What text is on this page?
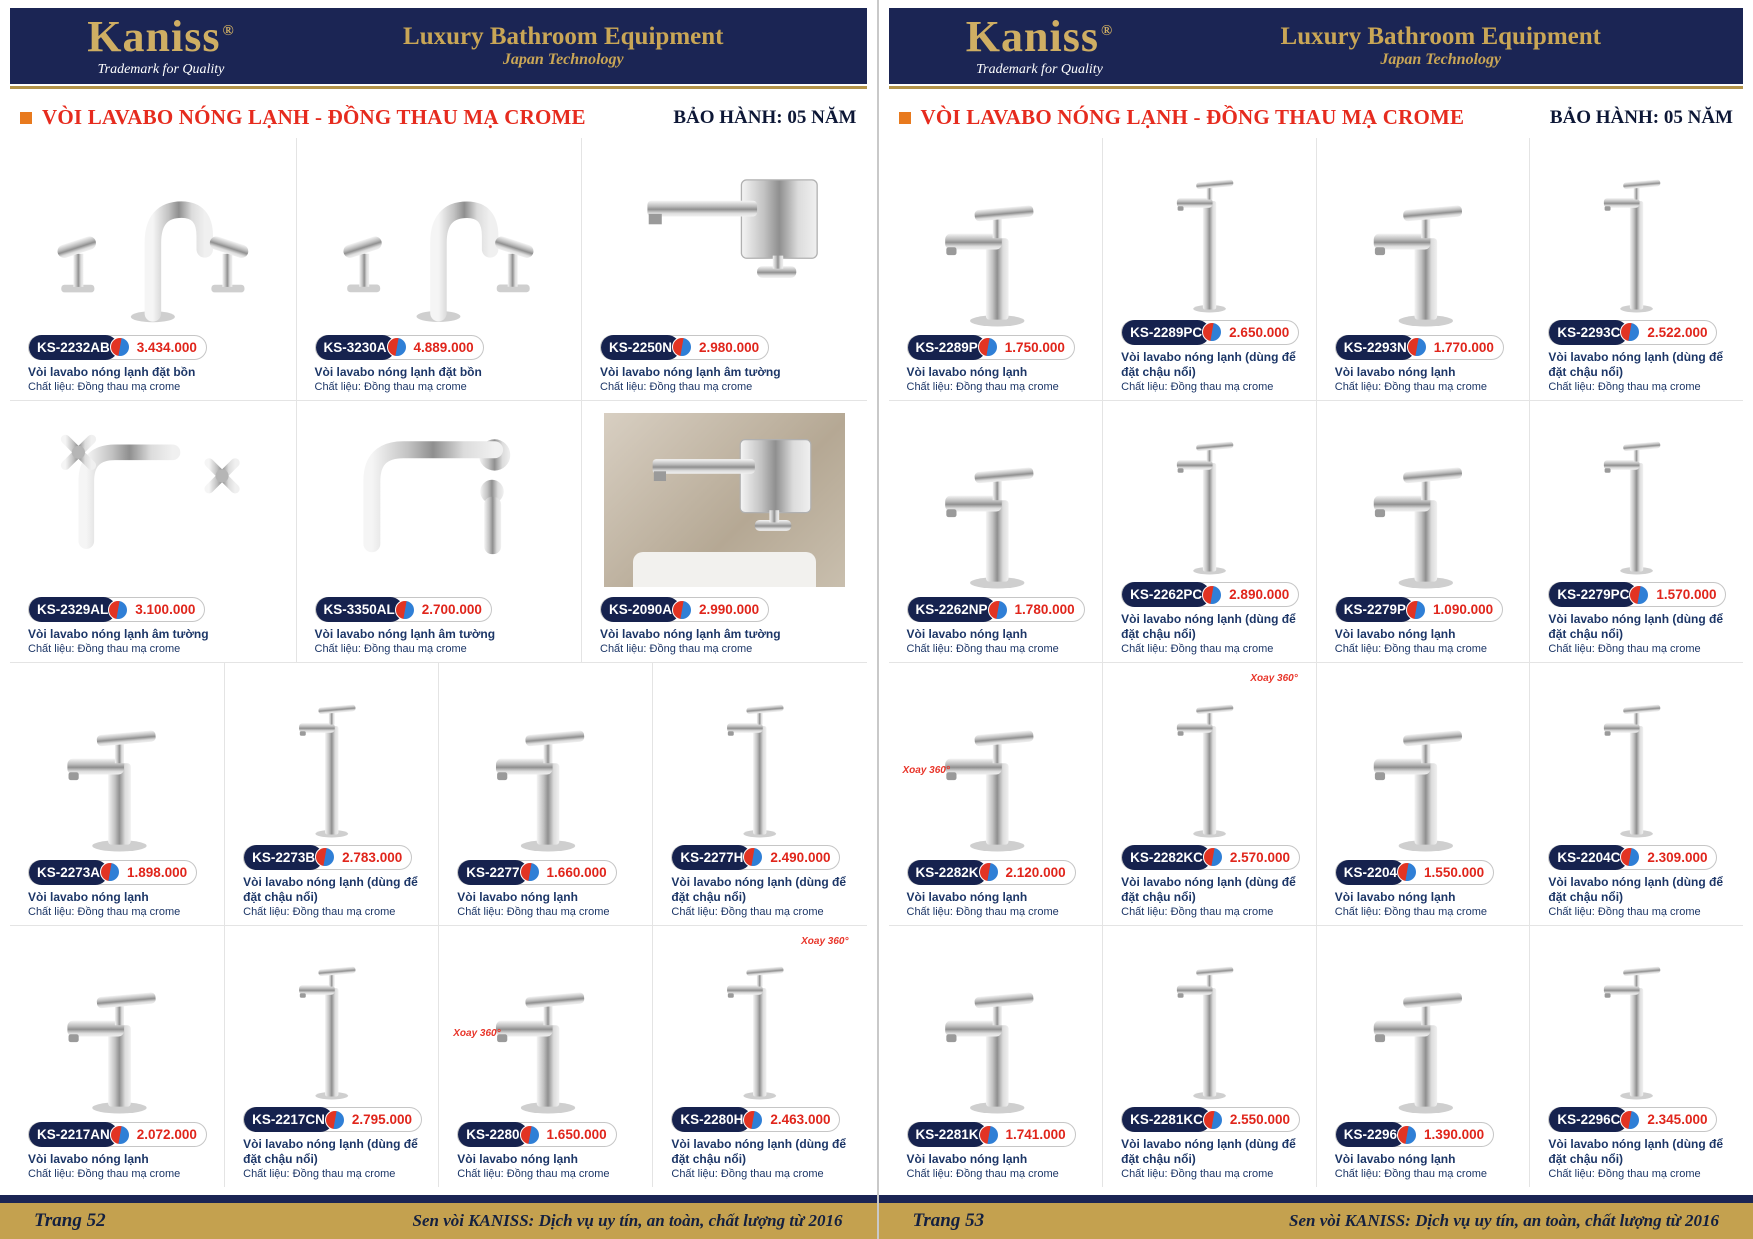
Kaniss ®
Trademark for Quality
Luxury Bathroom Equipment
Japan Technology
VÒI LAVABO NÓNG LẠNH - ĐỒNG THAU MẠ CROME	BẢO HÀNH: 05 NĂM
KS-2232AB	3.434.000
Vòi lavabo nóng lạnh đặt bồn
Chất liệu: Đồng thau mạ crome
KS-3230A	4.889.000
Vòi lavabo nóng lạnh đặt bồn
Chất liệu: Đồng thau mạ crome
KS-2250N	2.980.000
Vòi lavabo nóng lạnh âm tường
Chất liệu: Đồng thau mạ crome
KS-2329AL	3.100.000
Vòi lavabo nóng lạnh âm tường
Chất liệu: Đồng thau mạ crome
KS-3350AL	2.700.000
Vòi lavabo nóng lạnh âm tường
Chất liệu: Đồng thau mạ crome
KS-2090A	2.990.000
Vòi lavabo nóng lạnh âm tường
Chất liệu: Đồng thau mạ crome
KS-2273A	1.898.000
Vòi lavabo nóng lạnh
Chất liệu: Đồng thau mạ crome
KS-2273B	2.783.000
Vòi lavabo nóng lạnh (dùng để đặt chậu nổi)
Chất liệu: Đồng thau mạ crome
KS-2277	1.660.000
Vòi lavabo nóng lạnh
Chất liệu: Đồng thau mạ crome
KS-2277H	2.490.000
Vòi lavabo nóng lạnh (dùng để đặt chậu nổi)
Chất liệu: Đồng thau mạ crome
KS-2217AN	2.072.000
Vòi lavabo nóng lạnh
Chất liệu: Đồng thau mạ crome
KS-2217CN	2.795.000
Vòi lavabo nóng lạnh (dùng để đặt chậu nổi)
Chất liệu: Đồng thau mạ crome
Xoay 360°
KS-2280	1.650.000
Vòi lavabo nóng lạnh
Chất liệu: Đồng thau mạ crome
Xoay 360°
KS-2280H	2.463.000
Vòi lavabo nóng lạnh (dùng để đặt chậu nổi)
Chất liệu: Đồng thau mạ crome
Trang 52	Sen vòi KANISS: Dịch vụ uy tín, an toàn, chất lượng từ 2016
Kaniss ®
Trademark for Quality
Luxury Bathroom Equipment
Japan Technology
VÒI LAVABO NÓNG LẠNH - ĐỒNG THAU MẠ CROME	BẢO HÀNH: 05 NĂM
KS-2289P	1.750.000
Vòi lavabo nóng lạnh
Chất liệu: Đồng thau mạ crome
KS-2289PC	2.650.000
Vòi lavabo nóng lạnh (dùng để đặt chậu nổi)
Chất liệu: Đồng thau mạ crome
KS-2293N	1.770.000
Vòi lavabo nóng lạnh
Chất liệu: Đồng thau mạ crome
KS-2293C	2.522.000
Vòi lavabo nóng lạnh (dùng để đặt chậu nổi)
Chất liệu: Đồng thau mạ crome
KS-2262NP	1.780.000
Vòi lavabo nóng lạnh
Chất liệu: Đồng thau mạ crome
KS-2262PC	2.890.000
Vòi lavabo nóng lạnh (dùng để đặt chậu nổi)
Chất liệu: Đồng thau mạ crome
KS-2279P	1.090.000
Vòi lavabo nóng lạnh
Chất liệu: Đồng thau mạ crome
KS-2279PC	1.570.000
Vòi lavabo nóng lạnh (dùng để đặt chậu nổi)
Chất liệu: Đồng thau mạ crome
Xoay 360°
KS-2282K	2.120.000
Vòi lavabo nóng lạnh
Chất liệu: Đồng thau mạ crome
Xoay 360°
KS-2282KC	2.570.000
Vòi lavabo nóng lạnh (dùng để đặt chậu nổi)
Chất liệu: Đồng thau mạ crome
KS-2204	1.550.000
Vòi lavabo nóng lạnh
Chất liệu: Đồng thau mạ crome
KS-2204C	2.309.000
Vòi lavabo nóng lạnh (dùng để đặt chậu nổi)
Chất liệu: Đồng thau mạ crome
KS-2281K	1.741.000
Vòi lavabo nóng lạnh
Chất liệu: Đồng thau mạ crome
KS-2281KC	2.550.000
Vòi lavabo nóng lạnh (dùng để đặt chậu nổi)
Chất liệu: Đồng thau mạ crome
KS-2296	1.390.000
Vòi lavabo nóng lạnh
Chất liệu: Đồng thau mạ crome
KS-2296C	2.345.000
Vòi lavabo nóng lạnh (dùng để đặt chậu nổi)
Chất liệu: Đồng thau mạ crome
Trang 53	Sen vòi KANISS: Dịch vụ uy tín, an toàn, chất lượng từ 2016
